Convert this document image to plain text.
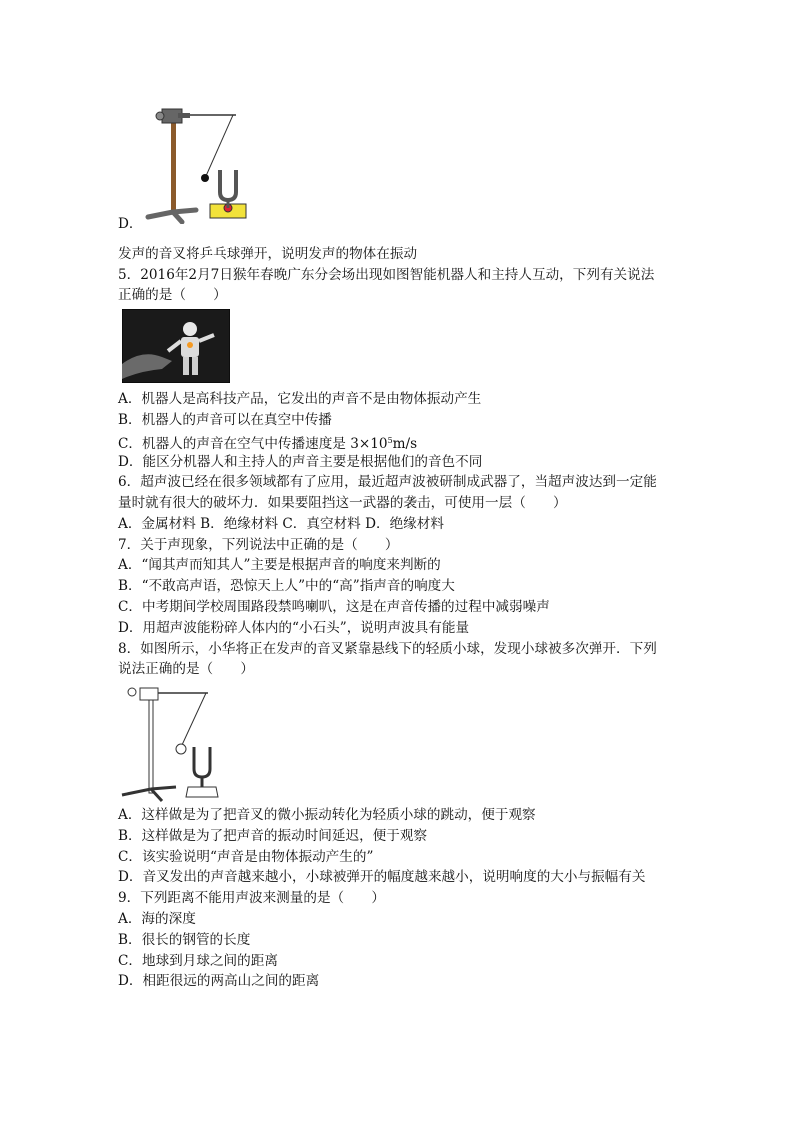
D．
发声的音叉将乒乓球弹开，说明发声的物体在振动
5．2016年2月7日猴年春晚广东分会场出现如图智能机器人和主持人互动，下列有关说法
正确的是（　　）
A．机器人是高科技产品，它发出的声音不是由物体振动产生
B．机器人的声音可以在真空中传播
C．机器人的声音在空气中传播速度是 $3\times 10^5m/s$
D．能区分机器人和主持人的声音主要是根据他们的音色不同
6．超声波已经在很多领域都有了应用，最近超声波被研制成武器了，当超声波达到一定能
量时就有很大的破坏力．如果要阻挡这一武器的袭击，可使用一层（　　）
A．金属材料 B．绝缘材料 C．真空材料 D．绝缘材料
7．关于声现象，下列说法中正确的是（　　）
A．“闻其声而知其人”主要是根据声音的响度来判断的
B．“不敢高声语，恐惊天上人”中的“高”指声音的响度大
C．中考期间学校周围路段禁鸣喇叭，这是在声音传播的过程中减弱噪声
D．用超声波能粉碎人体内的“小石头”，说明声波具有能量
8．如图所示，小华将正在发声的音叉紧靠悬线下的轻质小球，发现小球被多次弹开．下列
说法正确的是（　　）
A．这样做是为了把音叉的微小振动转化为轻质小球的跳动，便于观察
B．这样做是为了把声音的振动时间延迟，便于观察
C．该实验说明“声音是由物体振动产生的”
D．音叉发出的声音越来越小，小球被弹开的幅度越来越小，说明响度的大小与振幅有关
9．下列距离不能用声波来测量的是（　　）
A．海的深度
B．很长的钢管的长度
C．地球到月球之间的距离
D．相距很远的两高山之间的距离
